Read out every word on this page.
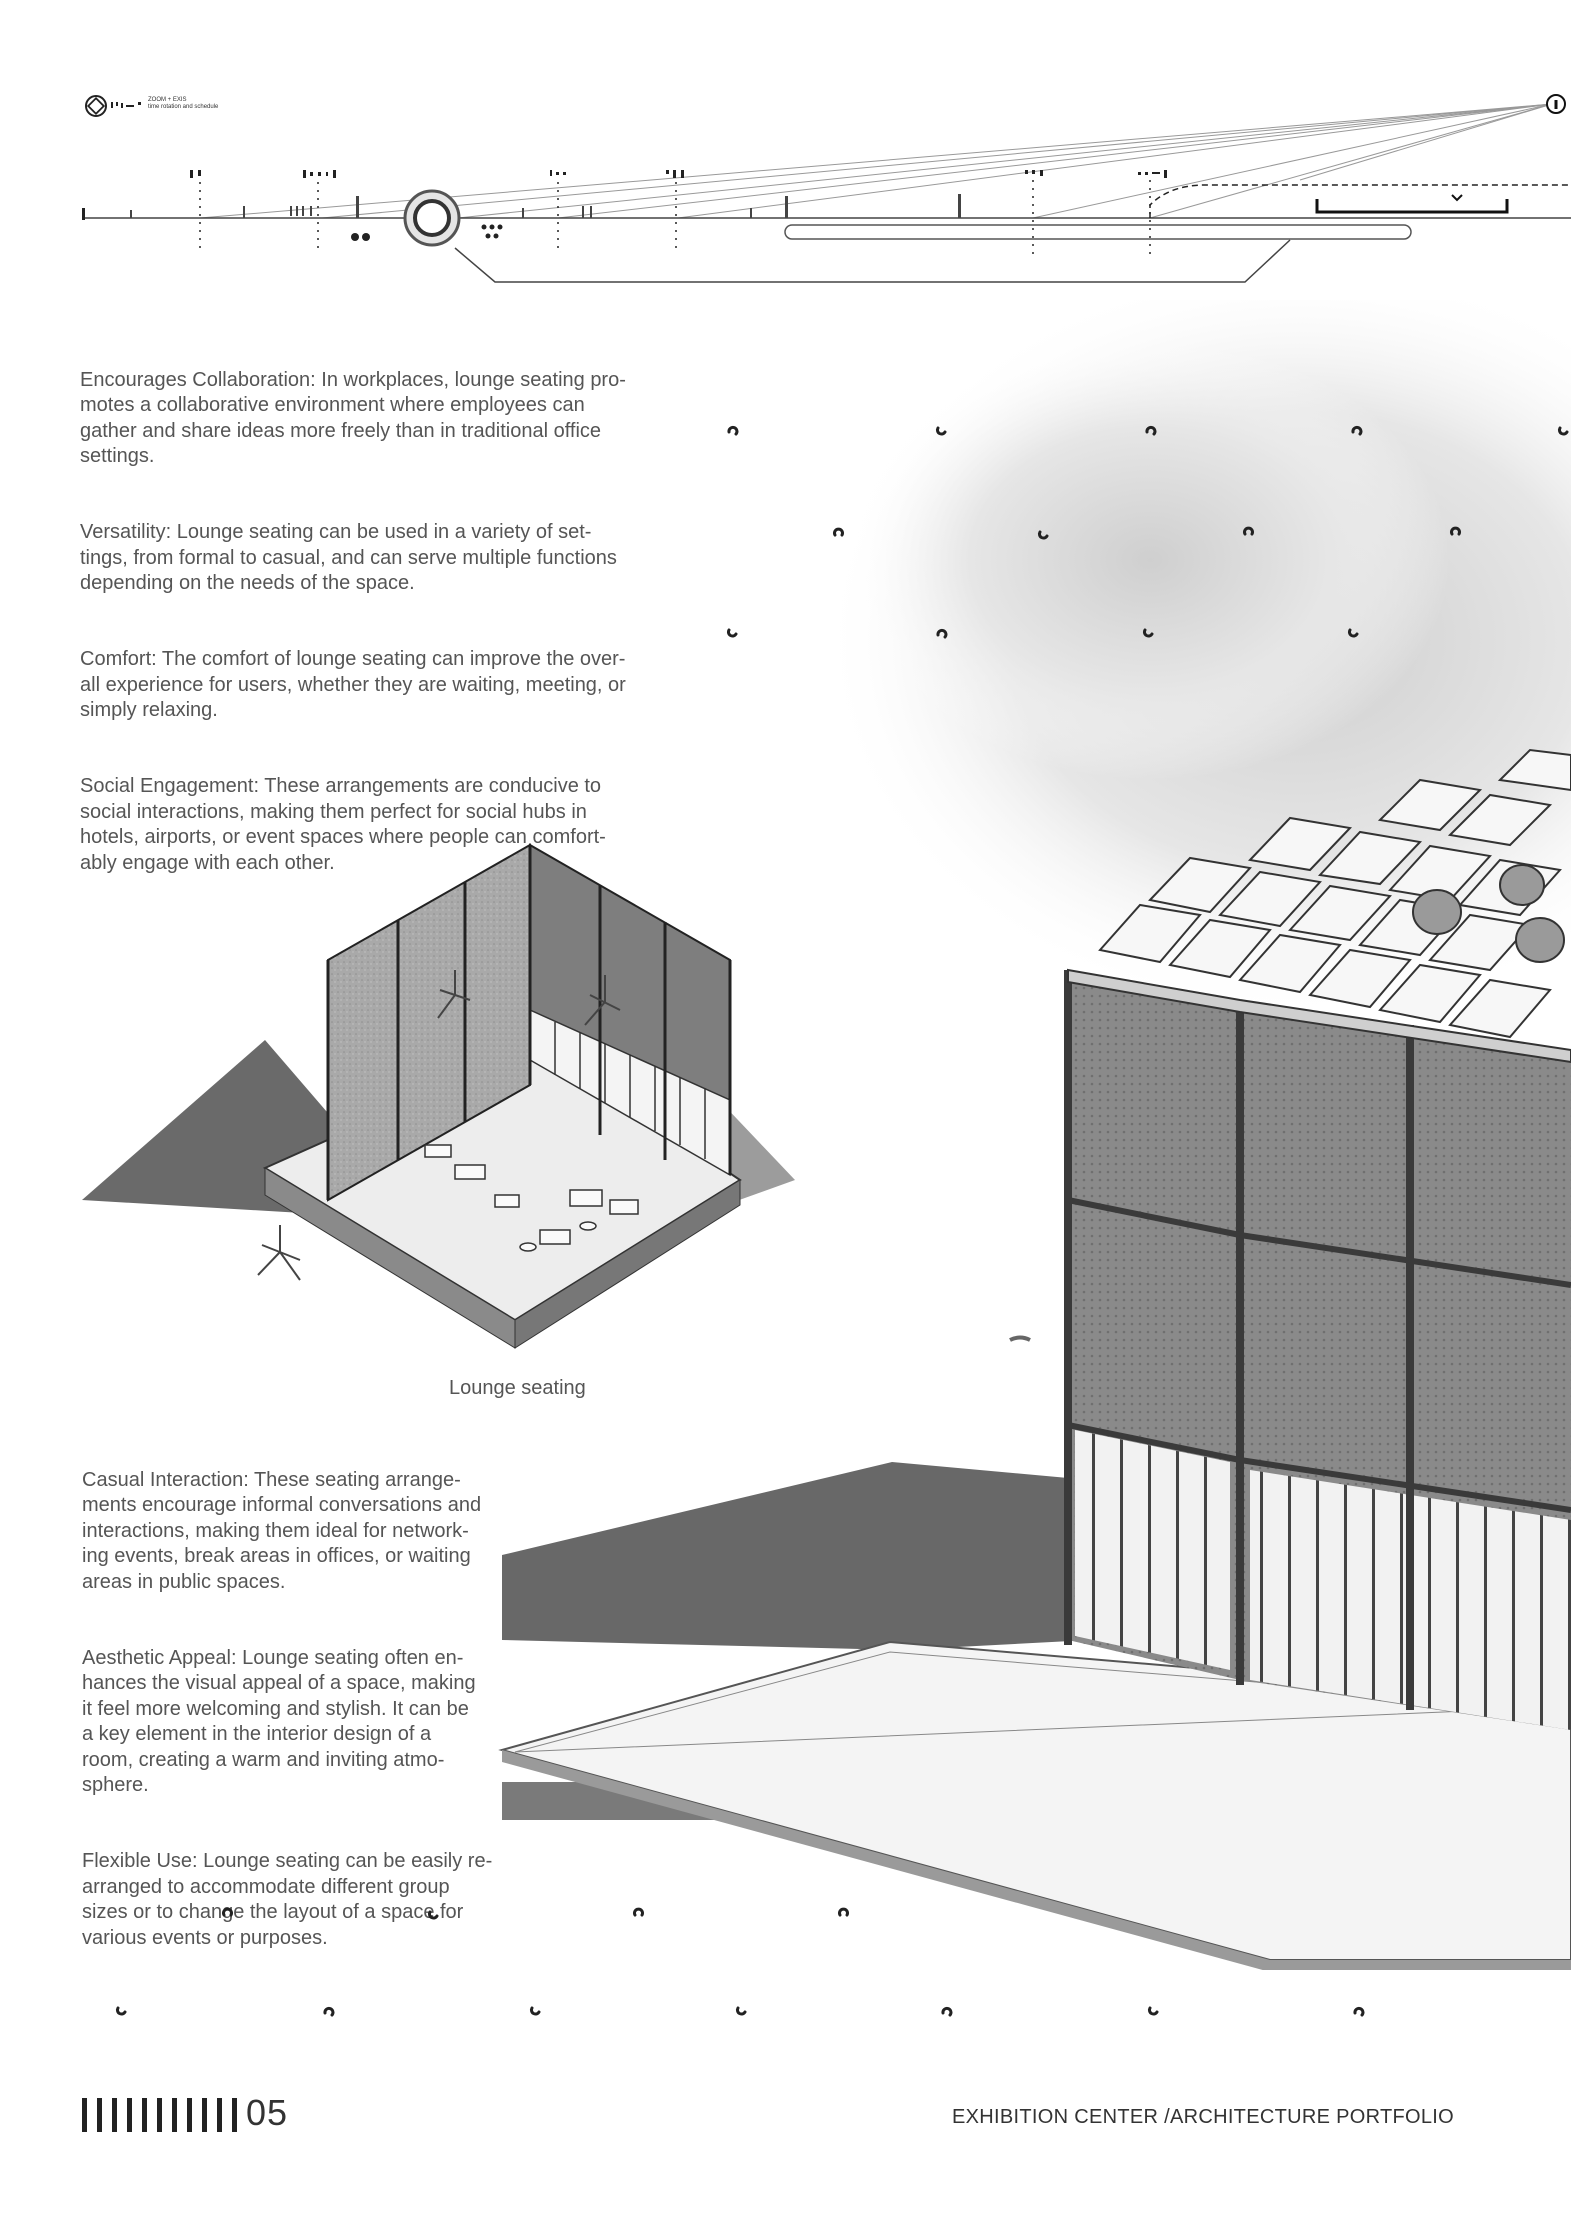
ZOOM + EXIS
time rotation and schedule

Encourages Collaboration: In workplaces, lounge seating pro-
motes a collaborative environment where employees can
gather and share ideas more freely than in traditional office
settings.

Versatility: Lounge seating can be used in a variety of set-
tings, from formal to casual, and can serve multiple functions
depending on the needs of the space.

Comfort: The comfort of lounge seating can improve the over-
all experience for users, whether they are waiting, meeting, or
simply relaxing.

Social Engagement: These arrangements are conducive to
social interactions, making them perfect for social hubs in
hotels, airports, or event spaces where people can comfort-
ably engage with each other.

Lounge seating

Casual Interaction: These seating arrange-
ments encourage informal conversations and
interactions, making them ideal for network-
ing events, break areas in offices, or waiting
areas in public spaces.

Aesthetic Appeal: Lounge seating often en-
hances the visual appeal of a space, making
it feel more welcoming and stylish. It can be
a key element in the interior design of a
room, creating a warm and inviting atmo-
sphere.

Flexible Use: Lounge seating can be easily re-
arranged to accommodate different group
sizes or to change the layout of a space for
various events or purposes.

05	EXHIBITION CENTER /ARCHITECTURE PORTFOLIO
